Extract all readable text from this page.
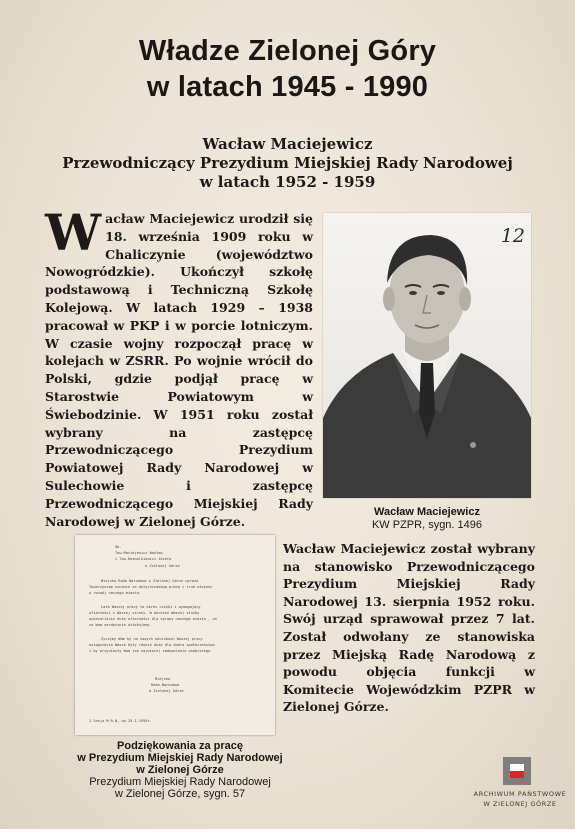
Władze Zielonej Góry
w latach 1945 - 1990
Wacław Maciejewicz
Przewodniczący Prezydium Miejskiej Rady Narodowej
w latach 1952 - 1959
Wacław Maciejewicz urodził się 18. września 1909 roku w Chaliczynie (województwo Nowogródzkie). Ukończył szkołę podstawową i Techniczną Szkołę Kolejową. W latach 1929 – 1938 pracował w PKP i w porcie lotniczym. W czasie wojny rozpoczął pracę w kolejach w ZSRR. Po wojnie wrócił do Polski, gdzie podjął pracę w Starostwie Powiatowym w Świebodzinie. W 1951 roku został wybrany na zastępcę Przewodniczącego Prezydium Powiatowej Rady Narodowej w Sulechowie i zastępcę Przewodniczącego Miejskiej Rady Narodowej w Zielonej Górze.
12
Wacław Maciejewicz
KW PZPR, sygn. 1496
Ob.
Tow.Maciejewicz Wacław
i Tow.Kosmalkiewicz Józefa
w Zielonej Górze
Miejska Rada Narodowa w Zielonej Górze wyraża
Towarzyszom uznanie za dotychczasową pracę i trud włożony
w rozwój naszego miasta.
Lata Waszej pracy to okres ciężki i wymagający
ofiarności z Waszej strony. W okresie Waszej służby
wykazaliście dużo ofiarności dla sprawy naszego miasta , za
co Wam serdecznie dziękujemy.
Życzymy Wam by na nowych odcinkach Waszej pracy
osiągnięcia Wasze były równie duże dla dobra społeczeństwa
i by przyniosły Wam jak najwięcej zadowolenia osobistego.
Miejska
Rada Narodowa
w Zielonej Górze
1 Sesja M.R.N, dn.29.I.1959r.
Podziękowania za pracę
w Prezydium Miejskiej Rady Narodowej
w Zielonej Górze
Prezydium Miejskiej Rady Narodowej
w Zielonej Górze, sygn. 57
Wacław Maciejewicz został wybrany na stanowisko Przewodniczącego Prezydium Miejskiej Rady Narodowej 13. sierpnia 1952 roku. Swój urząd sprawował przez 7 lat. Został odwołany ze stanowiska przez Miejską Radę Narodową z powodu objęcia funkcji w Komitecie Wojewódzkim PZPR w Zielonej Górze.
ARCHIWUM PAŃSTWOWE
W ZIELONEJ GÓRZE
